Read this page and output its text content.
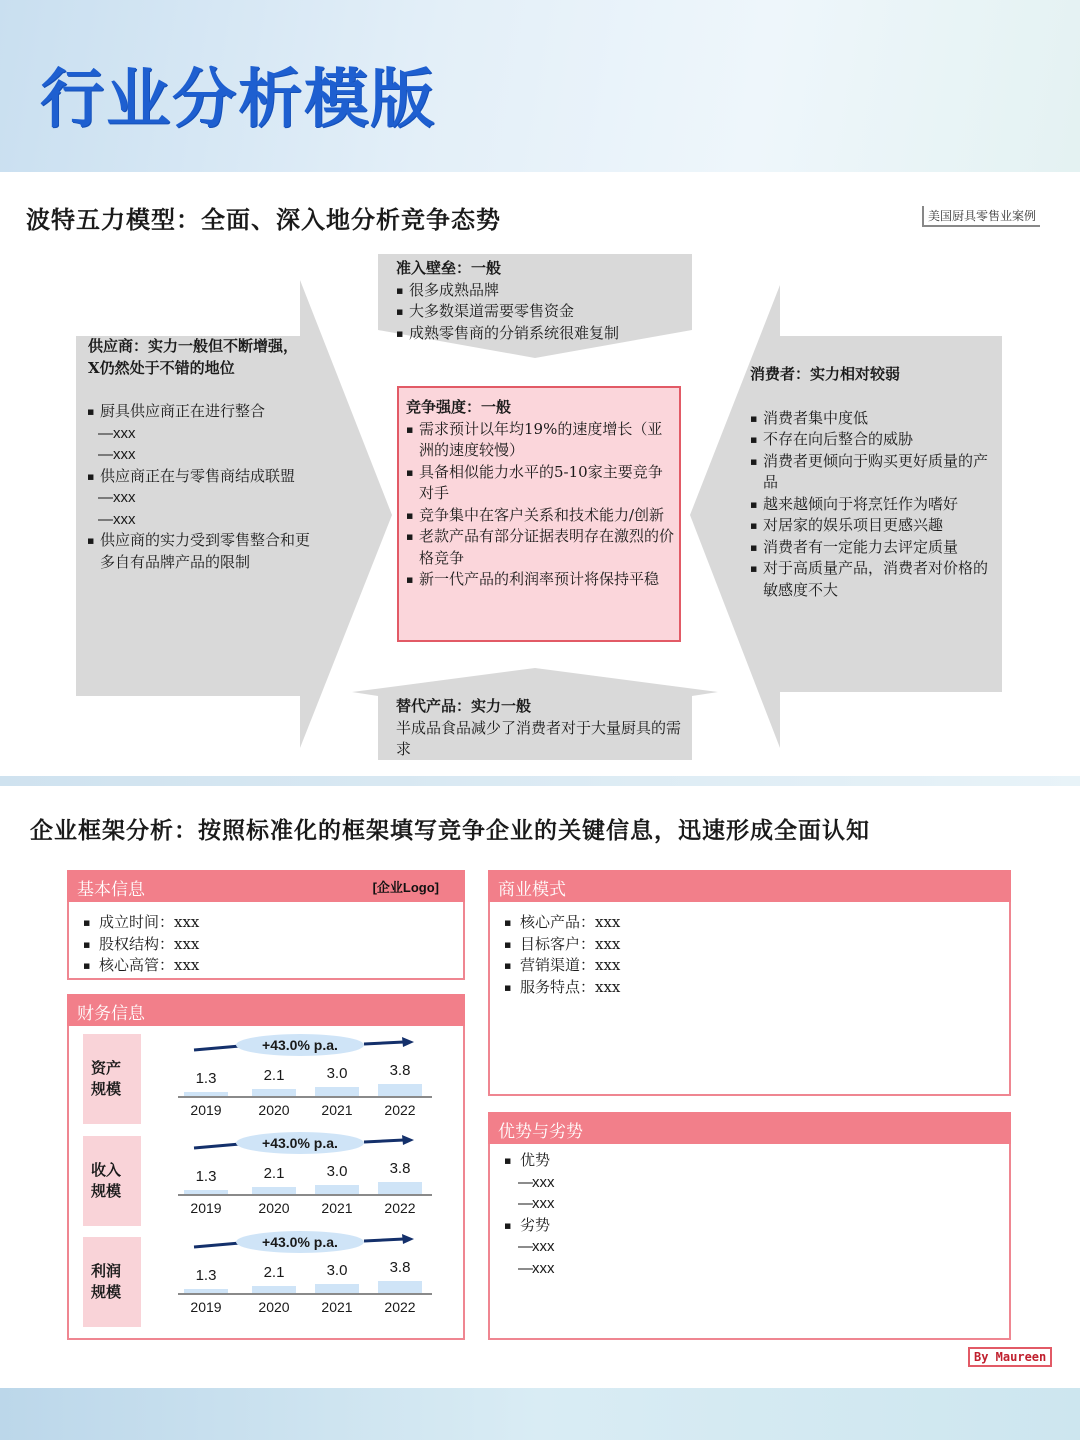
行业分析模版
波特五力模型：全面、深入地分析竞争态势	美国厨具零售业案例
准入壁垒：一般
▪ 很多成熟品牌
▪ 大多数渠道需要零售资金
▪ 成熟零售商的分销系统很难复制
供应商：实力一般但不断增强，
X仍然处于不错的地位
▪ 厨具供应商正在进行整合
—xxx
—xxx
▪ 供应商正在与零售商结成联盟
—xxx
—xxx
▪ 供应商的实力受到零售整合和更多自有品牌产品的限制
竞争强度：一般
▪ 需求预计以年均19%的速度增长（亚洲的速度较慢）
▪ 具备相似能力水平的5-10家主要竞争对手
▪ 竞争集中在客户关系和技术能力/创新
▪ 老款产品有部分证据表明存在激烈的价格竞争
▪ 新一代产品的利润率预计将保持平稳
消费者：实力相对较弱
▪ 消费者集中度低
▪ 不存在向后整合的威胁
▪ 消费者更倾向于购买更好质量的产品
▪ 越来越倾向于将烹饪作为嗜好
▪ 对居家的娱乐项目更感兴趣
▪ 消费者有一定能力去评定质量
▪ 对于高质量产品，消费者对价格的敏感度不大
替代产品：实力一般
半成品食品减少了消费者对于大量厨具的需求
企业框架分析：按照标准化的框架填写竞争企业的关键信息，迅速形成全面认知
基本信息	[企业Logo]
▪ 成立时间：xxx
▪ 股权结构：xxx
▪ 核心高管：xxx
商业模式
▪ 核心产品：xxx
▪ 目标客户：xxx
▪ 营销渠道：xxx
▪ 服务特点：xxx
财务信息
优势与劣势
▪ 优势
— xxx
— xxx
▪ 劣势
— xxx
— xxx
资产
规模
收入
规模
利润
规模
+43.0% p.a.
1.3
2019
2.1
2020
3.0
2021
3.8
2022
+43.0% p.a.
1.3
2019
2.1
2020
3.0
2021
3.8
2022
+43.0% p.a.
1.3
2019
2.1
2020
3.0
2021
3.8
2022
By Maureen
